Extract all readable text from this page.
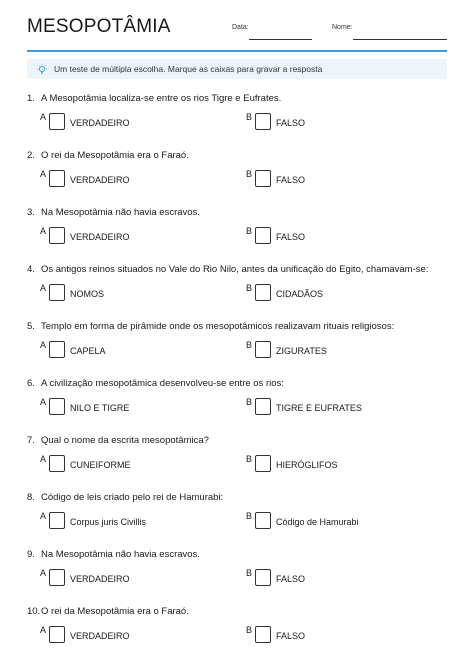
MESOPOTÂMIA	Data:	Nome:
Um teste de múltipla escolha. Marque as caixas para gravar a resposta
1. A Mesopotâmia localiza-se entre os rios Tigre e Eufrates.
A
VERDADEIRO
B
FALSO
2. O rei da Mesopotâmia era o Faraó.
A
VERDADEIRO
B
FALSO
3. Na Mesopotâmia não havia escravos.
A
VERDADEIRO
B
FALSO
4. Os antigos reinos situados no Vale do Rio Nilo, antes da unificação do Egito, chamavam-se:
A
NOMOS
B
CIDADÃOS
5. Templo em forma de pirâmide onde os mesopotâmicos realizavam rituais religiosos:
A
CAPELA
B
ZIGURATES
6. A civilização mesopotâmica desenvolveu-se entre os rios:
A
NILO E TIGRE
B
TIGRE E EUFRATES
7. Qual o nome da escrita mesopotâmica?
A
CUNEIFORME
B
HIERÓGLIFOS
8. Código de leis criado pelo rei de Hamurabi:
A
Corpus juris Civillis
B
Código de Hamurabi
9. Na Mesopotâmia não havia escravos.
A
VERDADEIRO
B
FALSO
10.O rei da Mesopotâmia era o Faraó.
A
VERDADEIRO
B
FALSO
